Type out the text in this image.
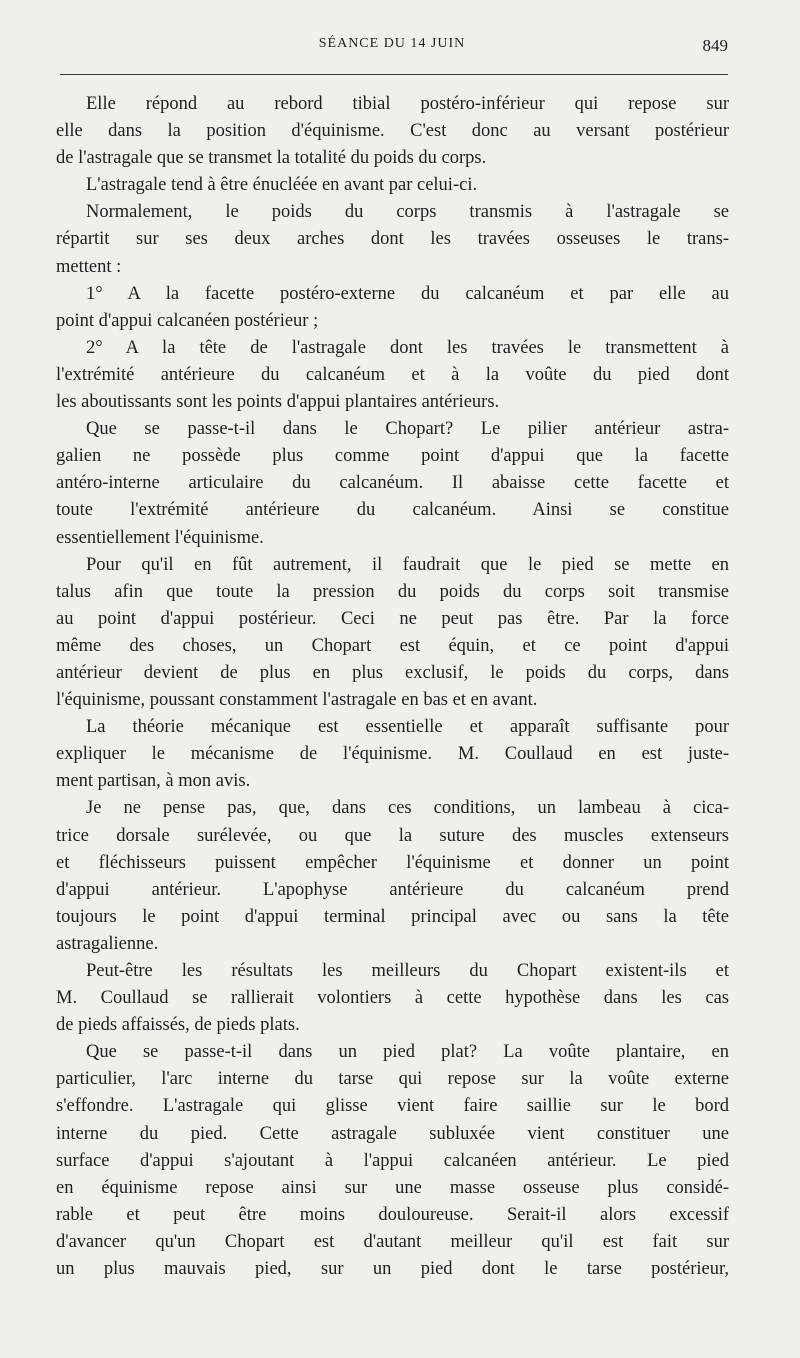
SÉANCE DU 14 JUIN	849
Elle répond au rebord tibial postéro-inférieur qui repose sur
elle dans la position d'équinisme. C'est donc au versant postérieur
de l'astragale que se transmet la totalité du poids du corps.
L'astragale tend à être énucléée en avant par celui-ci.
Normalement, le poids du corps transmis à l'astragale se
répartit sur ses deux arches dont les travées osseuses le trans-
mettent :
1° A la facette postéro-externe du calcanéum et par elle au
point d'appui calcanéen postérieur ;
2° A la tête de l'astragale dont les travées le transmettent à
l'extrémité antérieure du calcanéum et à la voûte du pied dont
les aboutissants sont les points d'appui plantaires antérieurs.
Que se passe-t-il dans le Chopart? Le pilier antérieur astra-
galien ne possède plus comme point d'appui que la facette
antéro-interne articulaire du calcanéum. Il abaisse cette facette et
toute l'extrémité antérieure du calcanéum. Ainsi se constitue
essentiellement l'équinisme.
Pour qu'il en fût autrement, il faudrait que le pied se mette en
talus afin que toute la pression du poids du corps soit transmise
au point d'appui postérieur. Ceci ne peut pas être. Par la force
même des choses, un Chopart est équin, et ce point d'appui
antérieur devient de plus en plus exclusif, le poids du corps, dans
l'équinisme, poussant constamment l'astragale en bas et en avant.
La théorie mécanique est essentielle et apparaît suffisante pour
expliquer le mécanisme de l'équinisme. M. Coullaud en est juste-
ment partisan, à mon avis.
Je ne pense pas, que, dans ces conditions, un lambeau à cica-
trice dorsale surélevée, ou que la suture des muscles extenseurs
et fléchisseurs puissent empêcher l'équinisme et donner un point
d'appui antérieur. L'apophyse antérieure du calcanéum prend
toujours le point d'appui terminal principal avec ou sans la tête
astragalienne.
Peut-être les résultats les meilleurs du Chopart existent-ils et
M. Coullaud se rallierait volontiers à cette hypothèse dans les cas
de pieds affaissés, de pieds plats.
Que se passe-t-il dans un pied plat? La voûte plantaire, en
particulier, l'arc interne du tarse qui repose sur la voûte externe
s'effondre. L'astragale qui glisse vient faire saillie sur le bord
interne du pied. Cette astragale subluxée vient constituer une
surface d'appui s'ajoutant à l'appui calcanéen antérieur. Le pied
en équinisme repose ainsi sur une masse osseuse plus considé-
rable et peut être moins douloureuse. Serait-il alors excessif
d'avancer qu'un Chopart est d'autant meilleur qu'il est fait sur
un plus mauvais pied, sur un pied dont le tarse postérieur,
